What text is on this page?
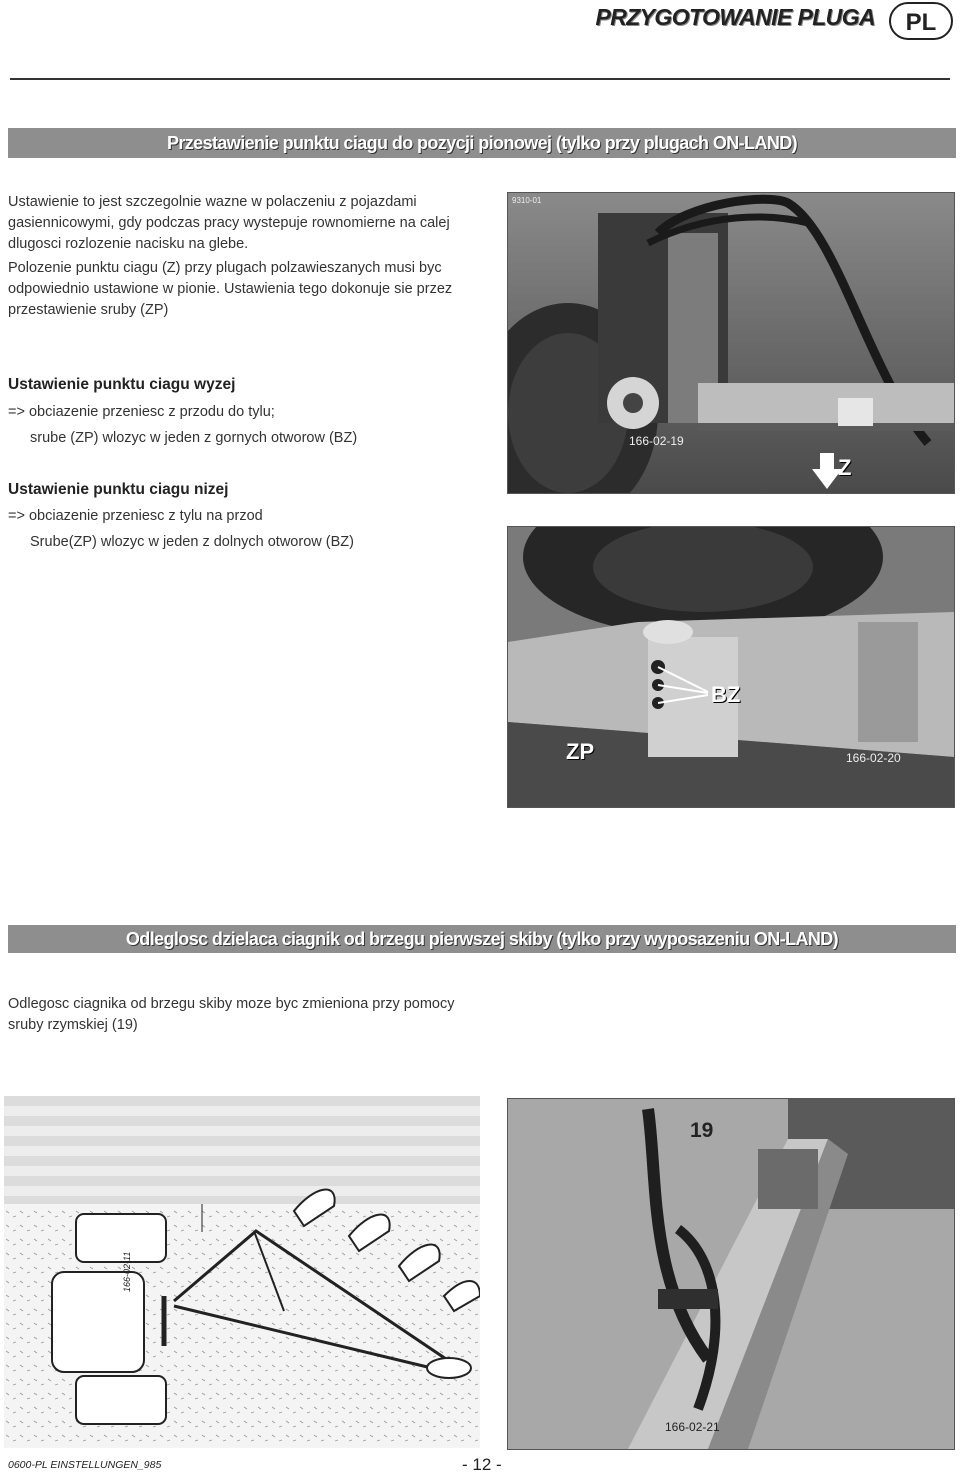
PRZYGOTOWANIE PLUGA	PL
Przestawienie punktu ciagu do pozycji pionowej (tylko przy plugach ON-LAND)

Ustawienie to jest szczegolnie wazne w polaczeniu z pojazdami

gasiennicowymi, gdy podczas pracy wystepuje rownomierne na calej

dlugosci rozlozenie nacisku na glebe.

Polozenie punktu ciagu (Z) przy plugach polzawieszanych musi byc

odpowiednio ustawione w pionie. Ustawienia tego dokonuje sie przez

przestawienie sruby (ZP)

Ustawienie punktu ciagu wyzej
=> obciazenie przeniesc z przodu do tylu;
srube (ZP) wlozyc w jeden z gornych otworow (BZ)
Ustawienie punktu ciagu nizej
=> obciazenie przeniesc z tylu na przod
Srube(ZP) wlozyc w jeden z dolnych otworow (BZ)
9310-01
166-02-19
Z
BZ
ZP	166-02-20
Odleglosc dzielaca ciagnik od brzegu pierwszej skiby (tylko przy wyposazeniu ON-LAND)

Odlegosc ciagnika od brzegu skiby moze byc zmieniona przy pomocy

sruby rzymskiej (19)

166-02-11
19
166-02-21
0600-PL EINSTELLUNGEN_985	- 12 -
